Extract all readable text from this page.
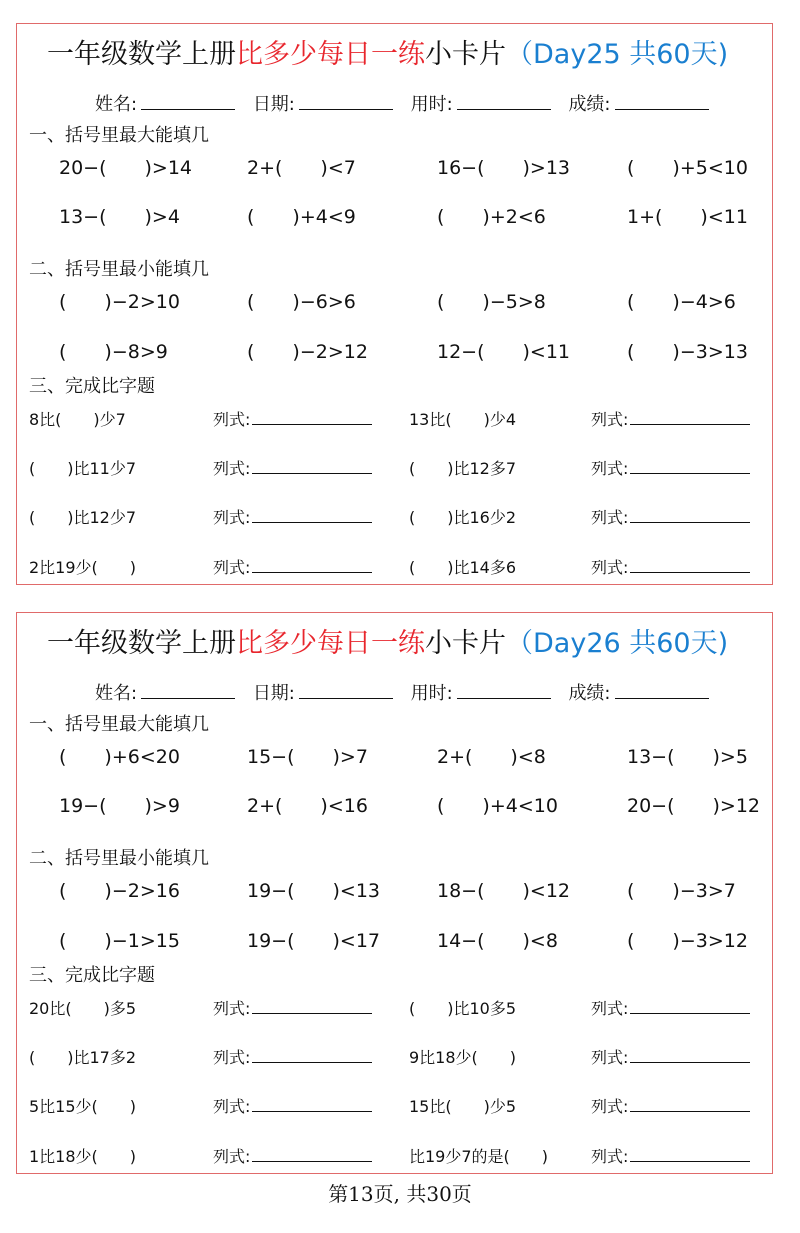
一年级数学上册比多少每日一练小卡片（Day25 共60天)
姓名:	日期:	用时:	成绩:
一、括号里最大能填几
20−(　　)>14	2+(　　)<7	16−(　　)>13	(　　)+5<10
13−(　　)>4	(　　)+4<9	(　　)+2<6	1+(　　)<11
二、括号里最小能填几
(　　)−2>10	(　　)−6>6	(　　)−5>8	(　　)−4>6
(　　)−8>9	(　　)−2>12	12−(　　)<11	(　　)−3>13
三、完成比字题
8比(　　)少7	列式:	13比(　　)少4	列式:
(　　)比11少7	列式:	(　　)比12多7	列式:
(　　)比12少7	列式:	(　　)比16少2	列式:
2比19少(　　)	列式:	(　　)比14多6	列式:
一年级数学上册比多少每日一练小卡片（Day26 共60天)
姓名:	日期:	用时:	成绩:
一、括号里最大能填几
(　　)+6<20	15−(　　)>7	2+(　　)<8	13−(　　)>5
19−(　　)>9	2+(　　)<16	(　　)+4<10	20−(　　)>12
二、括号里最小能填几
(　　)−2>16	19−(　　)<13	18−(　　)<12	(　　)−3>7
(　　)−1>15	19−(　　)<17	14−(　　)<8	(　　)−3>12
三、完成比字题
20比(　　)多5	列式:	(　　)比10多5	列式:
(　　)比17多2	列式:	9比18少(　　)	列式:
5比15少(　　)	列式:	15比(　　)少5	列式:
1比18少(　　)	列式:	比19少7的是(　　)	列式:
第13页, 共30页
